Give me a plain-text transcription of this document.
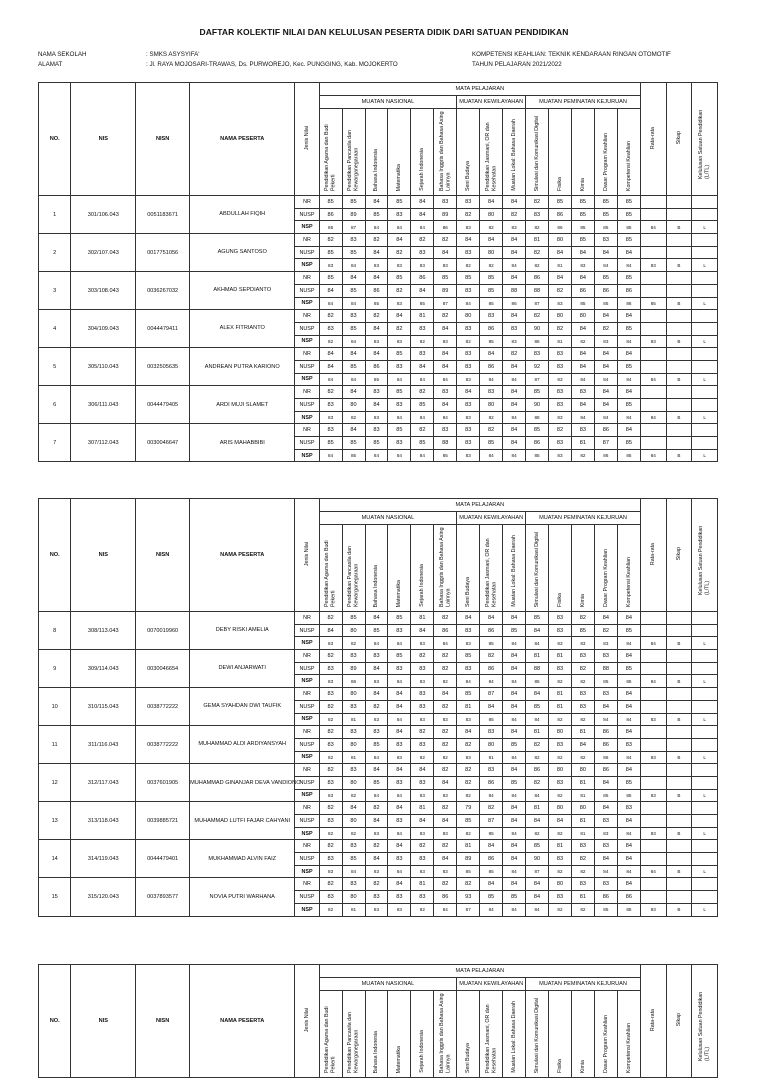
DAFTAR KOLEKTIF NILAI DAN KELULUSAN PESERTA DIDIK DARI SATUAN PENDIDIKAN
NAMA SEKOLAH	: SMKS ASYSYIFA'
ALAMAT	: Jl. RAYA MOJOSARI-TRAWAS, Ds. PURWOREJO, Kec. PUNGGING, Kab. MOJOKERTO
KOMPETENSI KEAHLIAN: TEKNIK KENDARAAN RINGAN OTOMOTIF
TAHUN PELAJARAN 2021/2022
NO.	NIS	NISN	NAMA PESERTA	Jenis Nilai	MATA PELAJARAN														Rata-rata	Sikap	Kelulusan Satuan Pendidikan (L/TL)
					MUATAN NASIONAL						MUATAN KEWILAYAHAN			MUATAN PEMINATAN KEJURUAN							
					Pendidikan Agama dan Budi Pekerti	Pendidikan Pancasila dan Kewarganegaraan	Bahasa Indonesia	Matematika	Sejarah Indonesia	Bahasa Inggris dan Bahasa Asing Lainnya	Seni Budaya	Pendidikan Jasmani, OR dan Kesehatan	Muatan Lokal: Bahasa Daerah	Simulasi dan Komunikasi Digital	Fisika	Kimia	Dasar Program Keahlian	Kompetensi Keahlian			
1	301/106.043	0051183671	ABDULLAH FIQIH	NR	85	85	84	85	84	83	83	84	84	82	85	85	85	85			
				NUSP	86	89	85	83	84	89	82	80	82	83	86	85	85	85			
				NSP	85	87	84	84	84	86	83	82	83	82	86	85	85	85	84	B	L
2	302/107.043	0017751056	AGUNG SANTOSO	NR	82	83	82	84	82	82	84	84	84	81	80	85	83	85			
				NUSP	85	85	84	82	83	84	83	80	84	82	84	84	84	84			
				NSP	83	84	83	83	83	83	82	82	84	82	81	83	84	84	83	B	L
3	303/108.043	0036267032	AKHMAD SEPDIANTO	NR	85	84	84	85	86	85	85	85	84	86	84	84	85	85			
				NUSP	84	85	86	82	84	89	83	85	88	88	82	86	86	86			
				NSP	84	84	85	83	85	87	84	85	86	87	83	85	85	86	85	B	L
4	304/109.043	0044479411	ALEX FITRIANTO	NR	82	83	82	84	81	82	80	83	84	82	80	80	84	84			
				NUSP	83	85	84	82	83	84	83	86	83	90	82	84	82	85			
				NSP	82	84	83	83	82	83	82	85	83	86	81	82	83	84	83	B	L
5	305/110.043	0032505635	ANDREAN PUTRA KARIONO	NR	84	84	84	85	83	84	83	84	82	83	83	84	84	84			
				NUSP	84	85	86	83	84	84	83	86	84	92	83	84	84	85			
				NSP	84	84	85	84	84	84	83	84	84	87	83	84	84	84	84	B	L
6	306/111.043	0044479405	ARDI MUJI SLAMET	NR	82	84	83	85	82	83	84	83	84	85	83	83	84	84			
				NUSP	83	80	84	83	85	84	83	80	84	90	83	84	84	85			
				NSP	83	82	83	84	84	84	83	82	84	88	83	84	84	84	84	B	L
7	307/112.043	0030046647	ARIS MAHABBIBI	NR	83	84	83	85	82	83	83	82	84	85	82	83	86	84			
				NUSP	85	85	85	83	85	88	83	85	84	86	83	81	87	85			
				NSP	84	85	84	84	84	85	83	84	84	85	83	82	86	85	84	B	L
NO.	NIS	NISN	NAMA PESERTA	Jenis Nilai	MATA PELAJARAN														Rata-rata	Sikap	Kelulusan Satuan Pendidikan (L/TL)
					MUATAN NASIONAL						MUATAN KEWILAYAHAN			MUATAN PEMINATAN KEJURUAN							
					Pendidikan Agama dan Budi Pekerti	Pendidikan Pancasila dan Kewarganegaraan	Bahasa Indonesia	Matematika	Sejarah Indonesia	Bahasa Inggris dan Bahasa Asing Lainnya	Seni Budaya	Pendidikan Jasmani, OR dan Kesehatan	Muatan Lokal: Bahasa Daerah	Simulasi dan Komunikasi Digital	Fisika	Kimia	Dasar Program Keahlian	Kompetensi Keahlian			
8	308/113.043	0070019960	DEBY RISKI AMELIA	NR	82	85	84	85	81	82	84	84	84	85	83	82	84	84			
				NUSP	84	80	85	83	84	86	83	86	85	84	83	85	82	85			
				NSP	83	82	84	84	83	84	83	85	84	84	83	83	83	84	84	B	L
9	309/114.043	0030046654	DEWI ANJARWATI	NR	82	83	83	85	82	82	85	82	84	81	81	83	83	84			
				NUSP	83	89	84	83	83	82	83	86	84	88	83	82	88	85			
				NSP	83	86	83	84	83	82	84	84	84	85	82	82	85	85	84	B	L
10	310/115.043	0038772222	GEMA SYAHDAN DWI TAUFIK	NR	83	80	84	84	83	84	85	87	84	84	81	83	83	84			
				NUSP	82	83	82	84	83	82	81	84	84	85	81	83	84	84			
				NSP	82	81	83	84	83	83	83	85	84	84	82	82	84	84	83	B	L
11	311/116.043	0038772222	MUHAMMAD ALDI ARDIYANSYAH	NR	82	83	83	84	82	82	84	83	84	81	80	81	86	84			
				NUSP	83	80	85	83	83	82	82	80	85	82	83	84	86	83			
				NSP	82	81	84	83	82	82	83	81	84	82	82	82	86	84	83	B	L
12	312/117.043	0037601905	MUHAMMAD GINANJAR DEVA VANDIONO	NR	82	83	84	84	84	82	82	83	84	86	80	80	86	84			
				NUSP	83	80	85	83	83	84	82	86	85	82	83	81	84	85			
				NSP	83	82	84	84	83	83	82	84	84	84	82	81	85	85	83	B	L
13	313/118.043	0039885721	MUHAMMAD LUTFI FAJAR CAHYANI	NR	82	84	82	84	81	82	79	82	84	81	80	80	84	83			
				NUSP	83	80	84	83	84	84	85	87	84	84	84	81	83	84			
				NSP	82	82	83	84	83	83	82	85	84	82	82	81	83	84	83	B	L
14	314/119.043	0044479401	MUKHAMMAD ALVIN FAIZ	NR	82	83	82	84	82	82	81	84	84	85	81	83	83	84			
				NUSP	83	85	84	83	83	84	89	86	84	90	83	82	84	84			
				NSP	83	84	83	84	83	83	85	85	84	87	82	82	84	84	84	B	L
15	315/120.043	0037893577	NOVIA PUTRI WARHANA	NR	82	83	82	84	81	82	82	84	84	84	80	83	83	84			
				NUSP	83	80	83	83	83	86	93	85	85	84	83	81	86	86			
				NSP	82	81	83	83	82	84	87	84	84	84	82	82	85	85	83	B	L
NO.	NIS	NISN	NAMA PESERTA	Jenis Nilai	MATA PELAJARAN														Rata-rata	Sikap	Kelulusan Satuan Pendidikan (L/TL)
					MUATAN NASIONAL						MUATAN KEWILAYAHAN			MUATAN PEMINATAN KEJURUAN							
					Pendidikan Agama dan Budi Pekerti	Pendidikan Pancasila dan Kewarganegaraan	Bahasa Indonesia	Matematika	Sejarah Indonesia	Bahasa Inggris dan Bahasa Asing Lainnya	Seni Budaya	Pendidikan Jasmani, OR dan Kesehatan	Muatan Lokal: Bahasa Daerah	Simulasi dan Komunikasi Digital	Fisika	Kimia	Dasar Program Keahlian	Kompetensi Keahlian			
